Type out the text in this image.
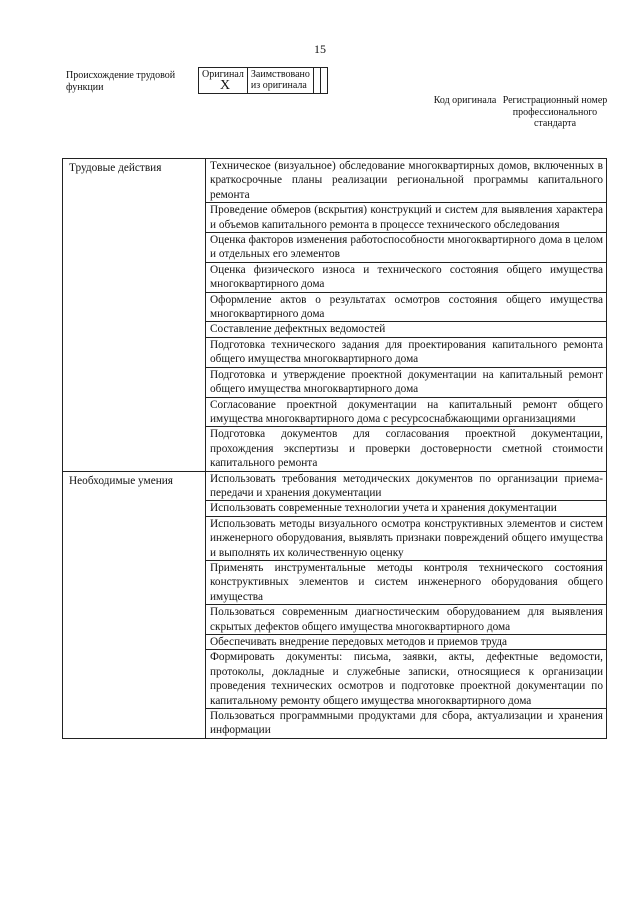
15
Происхождение трудовой функции
Оригинал X	Заимствовано из оригинала		
Код оригинала Регистрационный номер профессионального стандарта
Трудовые действия	Техническое (визуальное) обследование многоквартирных домов, включенных в краткосрочные планы реализации региональной программы капитального ремонта
	Проведение обмеров (вскрытия) конструкций и систем для выявления характера и объемов капитального ремонта в процессе технического обследования
	Оценка факторов изменения работоспособности многоквартирного дома в целом и отдельных его элементов
	Оценка физического износа и технического состояния общего имущества многоквартирного дома
	Оформление актов о результатах осмотров состояния общего имущества многоквартирного дома
	Составление дефектных ведомостей
	Подготовка технического задания для проектирования капитального ремонта общего имущества многоквартирного дома
	Подготовка и утверждение проектной документации на капитальный ремонт общего имущества многоквартирного дома
	Согласование проектной документации на капитальный ремонт общего имущества многоквартирного дома с ресурсоснабжающими организациями
	Подготовка документов для согласования проектной документации, прохождения экспертизы и проверки достоверности сметной стоимости капитального ремонта
Необходимые умения	Использовать требования методических документов по организации приема-передачи и хранения документации
	Использовать современные технологии учета и хранения документации
	Использовать методы визуального осмотра конструктивных элементов и систем инженерного оборудования, выявлять признаки повреждений общего имущества и выполнять их количественную оценку
	Применять инструментальные методы контроля технического состояния конструктивных элементов и систем инженерного оборудования общего имущества
	Пользоваться современным диагностическим оборудованием для выявления скрытых дефектов общего имущества многоквартирного дома
	Обеспечивать внедрение передовых методов и приемов труда
	Формировать документы: письма, заявки, акты, дефектные ведомости, протоколы, докладные и служебные записки, относящиеся к организации проведения технических осмотров и подготовке проектной документации по капитальному ремонту общего имущества многоквартирного дома
	Пользоваться программными продуктами для сбора, актуализации и хранения информации
